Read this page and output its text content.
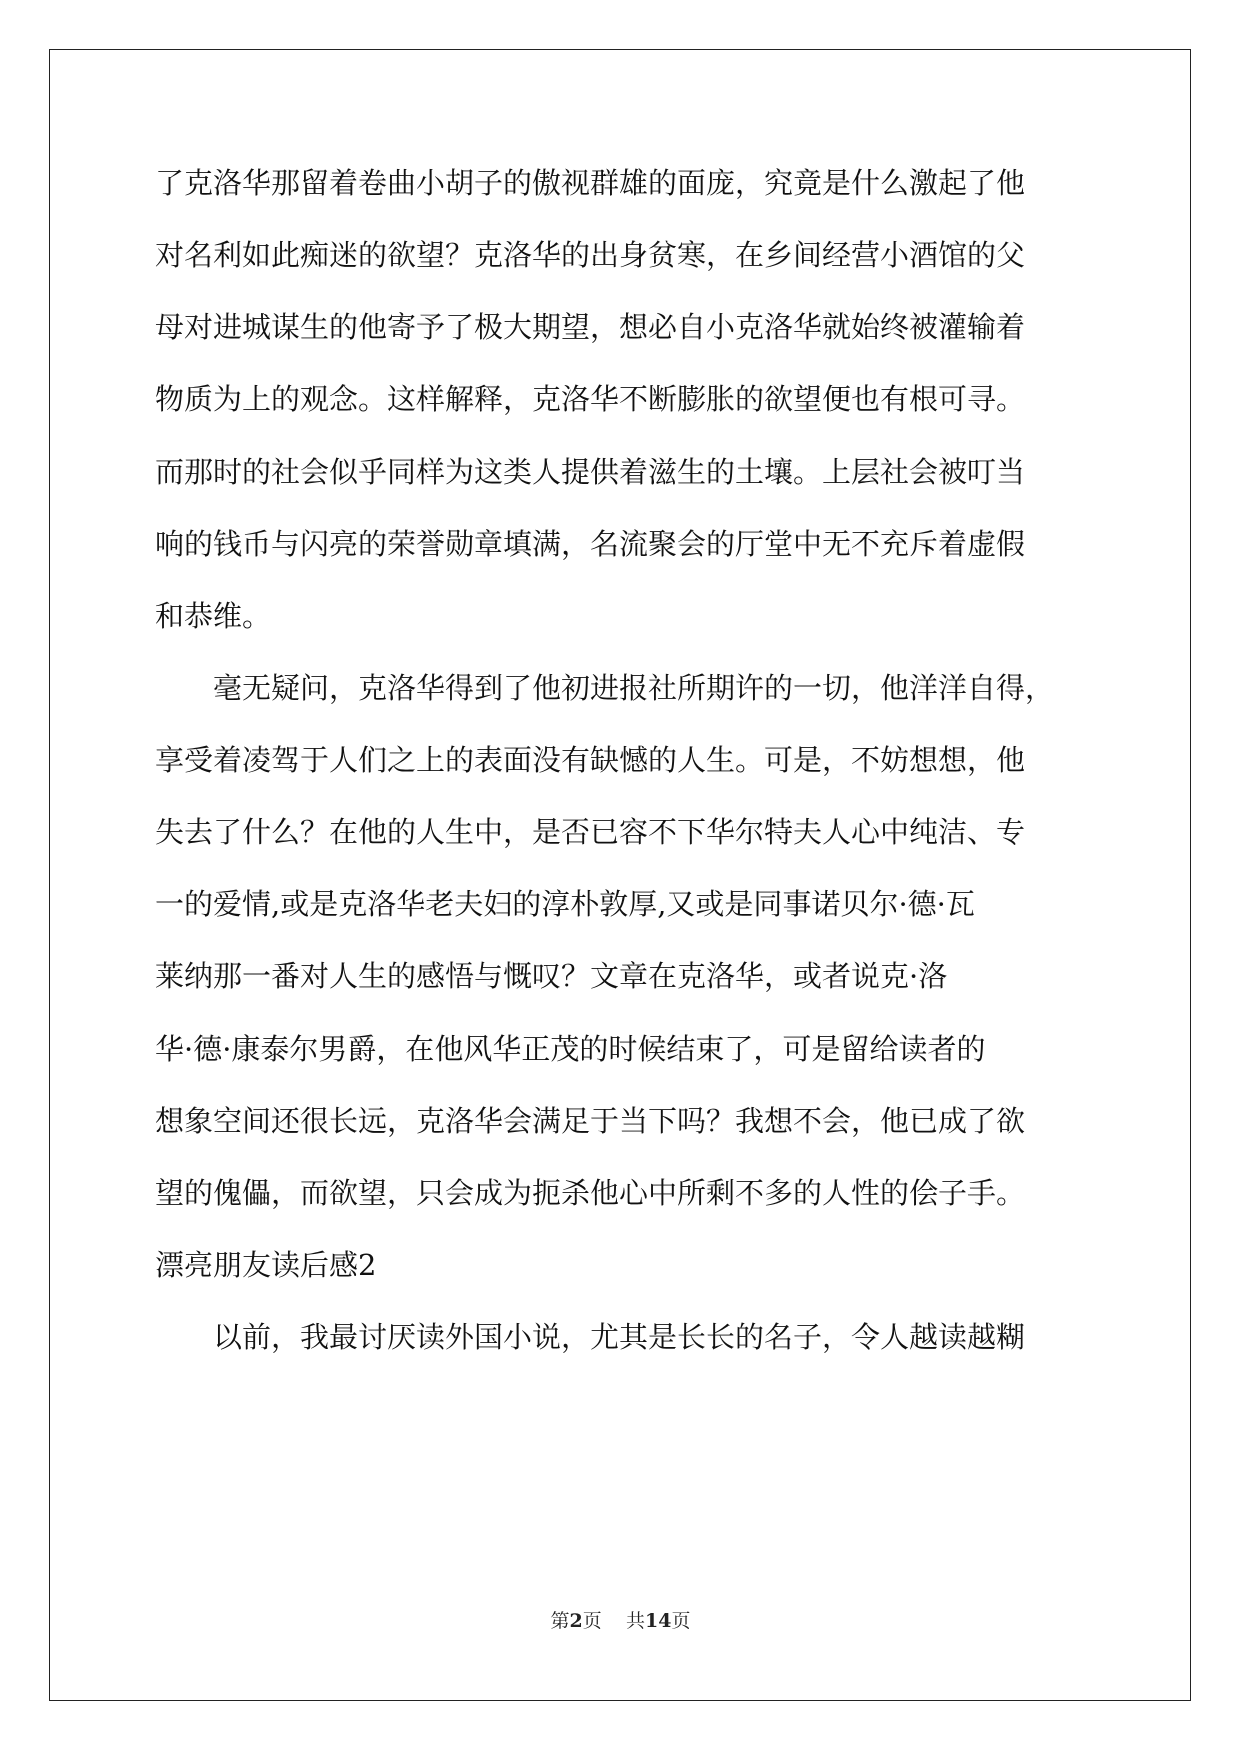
了克洛华那留着卷曲小胡子的傲视群雄的面庞，究竟是什么激起了他
对名利如此痴迷的欲望？克洛华的出身贫寒，在乡间经营小酒馆的父
母对进城谋生的他寄予了极大期望，想必自小克洛华就始终被灌输着
物质为上的观念。这样解释，克洛华不断膨胀的欲望便也有根可寻。
而那时的社会似乎同样为这类人提供着滋生的土壤。上层社会被叮当
响的钱币与闪亮的荣誉勋章填满，名流聚会的厅堂中无不充斥着虚假
和恭维。
毫无疑问，克洛华得到了他初进报社所期许的一切，他洋洋自得，
享受着凌驾于人们之上的表面没有缺憾的人生。可是，不妨想想，他
失去了什么？在他的人生中，是否已容不下华尔特夫人心中纯洁、专
一的爱情,或是克洛华老夫妇的淳朴敦厚,又或是同事诺贝尔·德·瓦
莱纳那一番对人生的感悟与慨叹？文章在克洛华，或者说克·洛
华·德·康泰尔男爵，在他风华正茂的时候结束了，可是留给读者的
想象空间还很长远，克洛华会满足于当下吗？我想不会，他已成了欲
望的傀儡，而欲望，只会成为扼杀他心中所剩不多的人性的侩子手。
漂亮朋友读后感2
以前，我最讨厌读外国小说，尤其是长长的名子，令人越读越糊
第2页 共14页
